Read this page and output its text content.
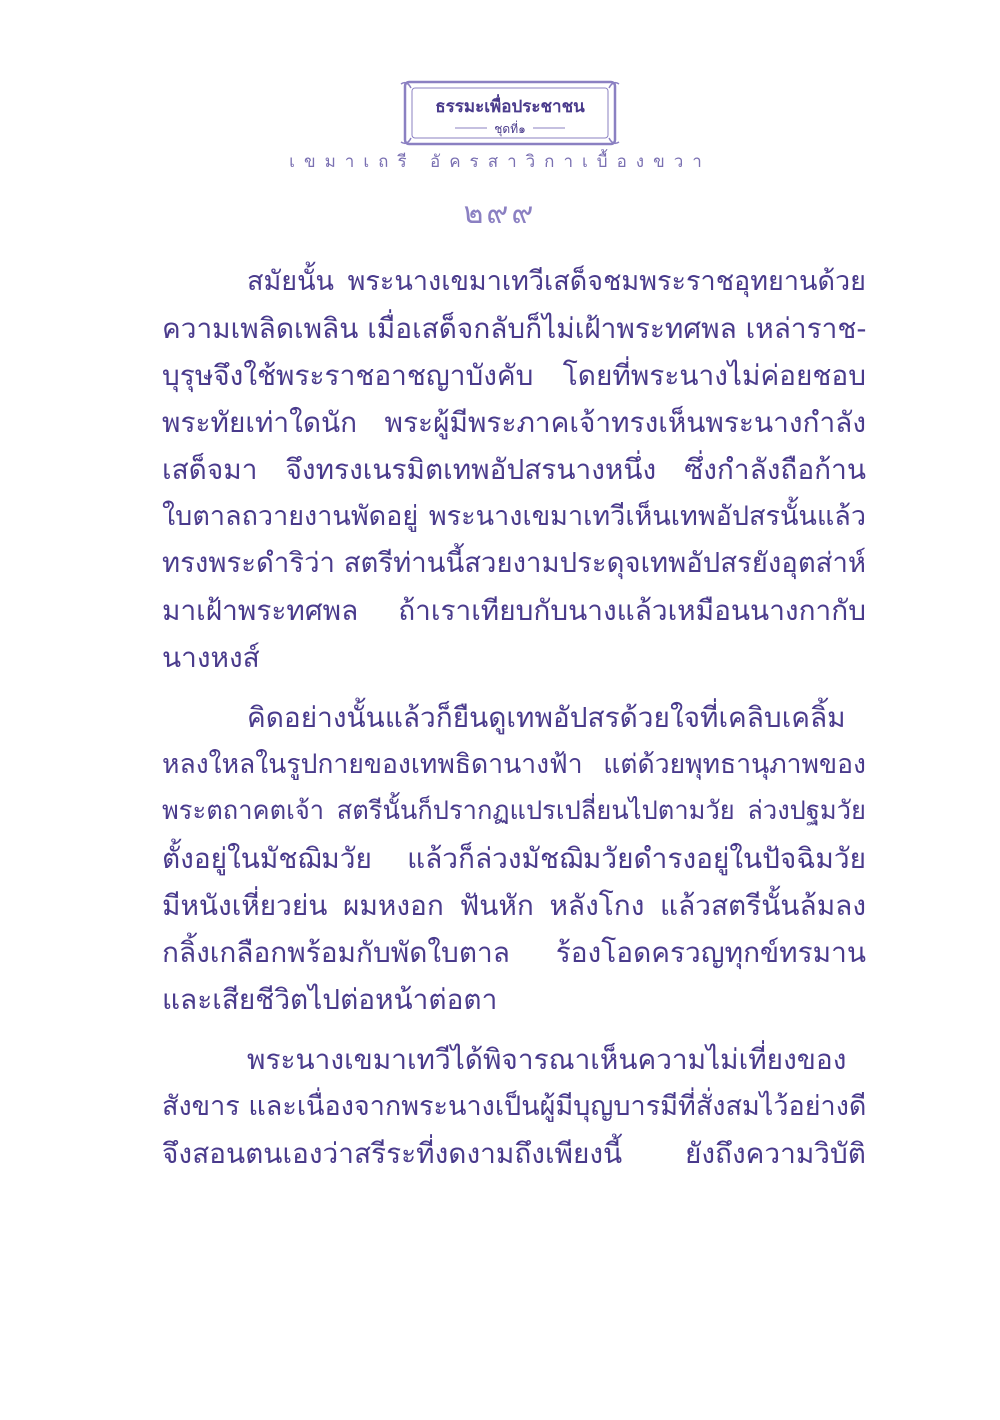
ธรรมะเพื่อประชาชน
ชุดที่๑

เขมาเถรี อัครสาวิกาเบื้องขวา

๒๙๙

สมัยนั้น พระนางเขมาเทวีเสด็จชมพระราชอุทยานด้วย
ความเพลิดเพลิน เมื่อเสด็จกลับก็ไม่เฝ้าพระทศพล เหล่าราช-
บุรุษจึงใช้พระราชอาชญาบังคับ โดยที่พระนางไม่ค่อยชอบ
พระทัยเท่าใดนัก พระผู้มีพระภาคเจ้าทรงเห็นพระนางกำลัง
เสด็จมา จึงทรงเนรมิตเทพอัปสรนางหนึ่ง ซึ่งกำลังถือก้าน
ใบตาลถวายงานพัดอยู่ พระนางเขมาเทวีเห็นเทพอัปสรนั้นแล้ว
ทรงพระดำริว่า สตรีท่านนี้สวยงามประดุจเทพอัปสรยังอุตส่าห์
มาเฝ้าพระทศพล ถ้าเราเทียบกับนางแล้วเหมือนนางกากับ
นางหงส์
คิดอย่างนั้นแล้วก็ยืนดูเทพอัปสรด้วยใจที่เคลิบเคลิ้ม
หลงใหลในรูปกายของเทพธิดานางฟ้า แต่ด้วยพุทธานุภาพของ
พระตถาคตเจ้า สตรีนั้นก็ปรากฏแปรเปลี่ยนไปตามวัย ล่วงปฐมวัย
ตั้งอยู่ในมัชฌิมวัย แล้วก็ล่วงมัชฌิมวัยดำรงอยู่ในปัจฉิมวัย
มีหนังเหี่ยวย่น ผมหงอก ฟันหัก หลังโกง แล้วสตรีนั้นล้มลง
กลิ้งเกลือกพร้อมกับพัดใบตาล ร้องโอดครวญทุกข์ทรมาน
และเสียชีวิตไปต่อหน้าต่อตา
พระนางเขมาเทวีได้พิจารณาเห็นความไม่เที่ยงของ
สังขาร และเนื่องจากพระนางเป็นผู้มีบุญบารมีที่สั่งสมไว้อย่างดี
จึงสอนตนเองว่าสรีระที่งดงามถึงเพียงนี้ ยังถึงความวิบัติ
